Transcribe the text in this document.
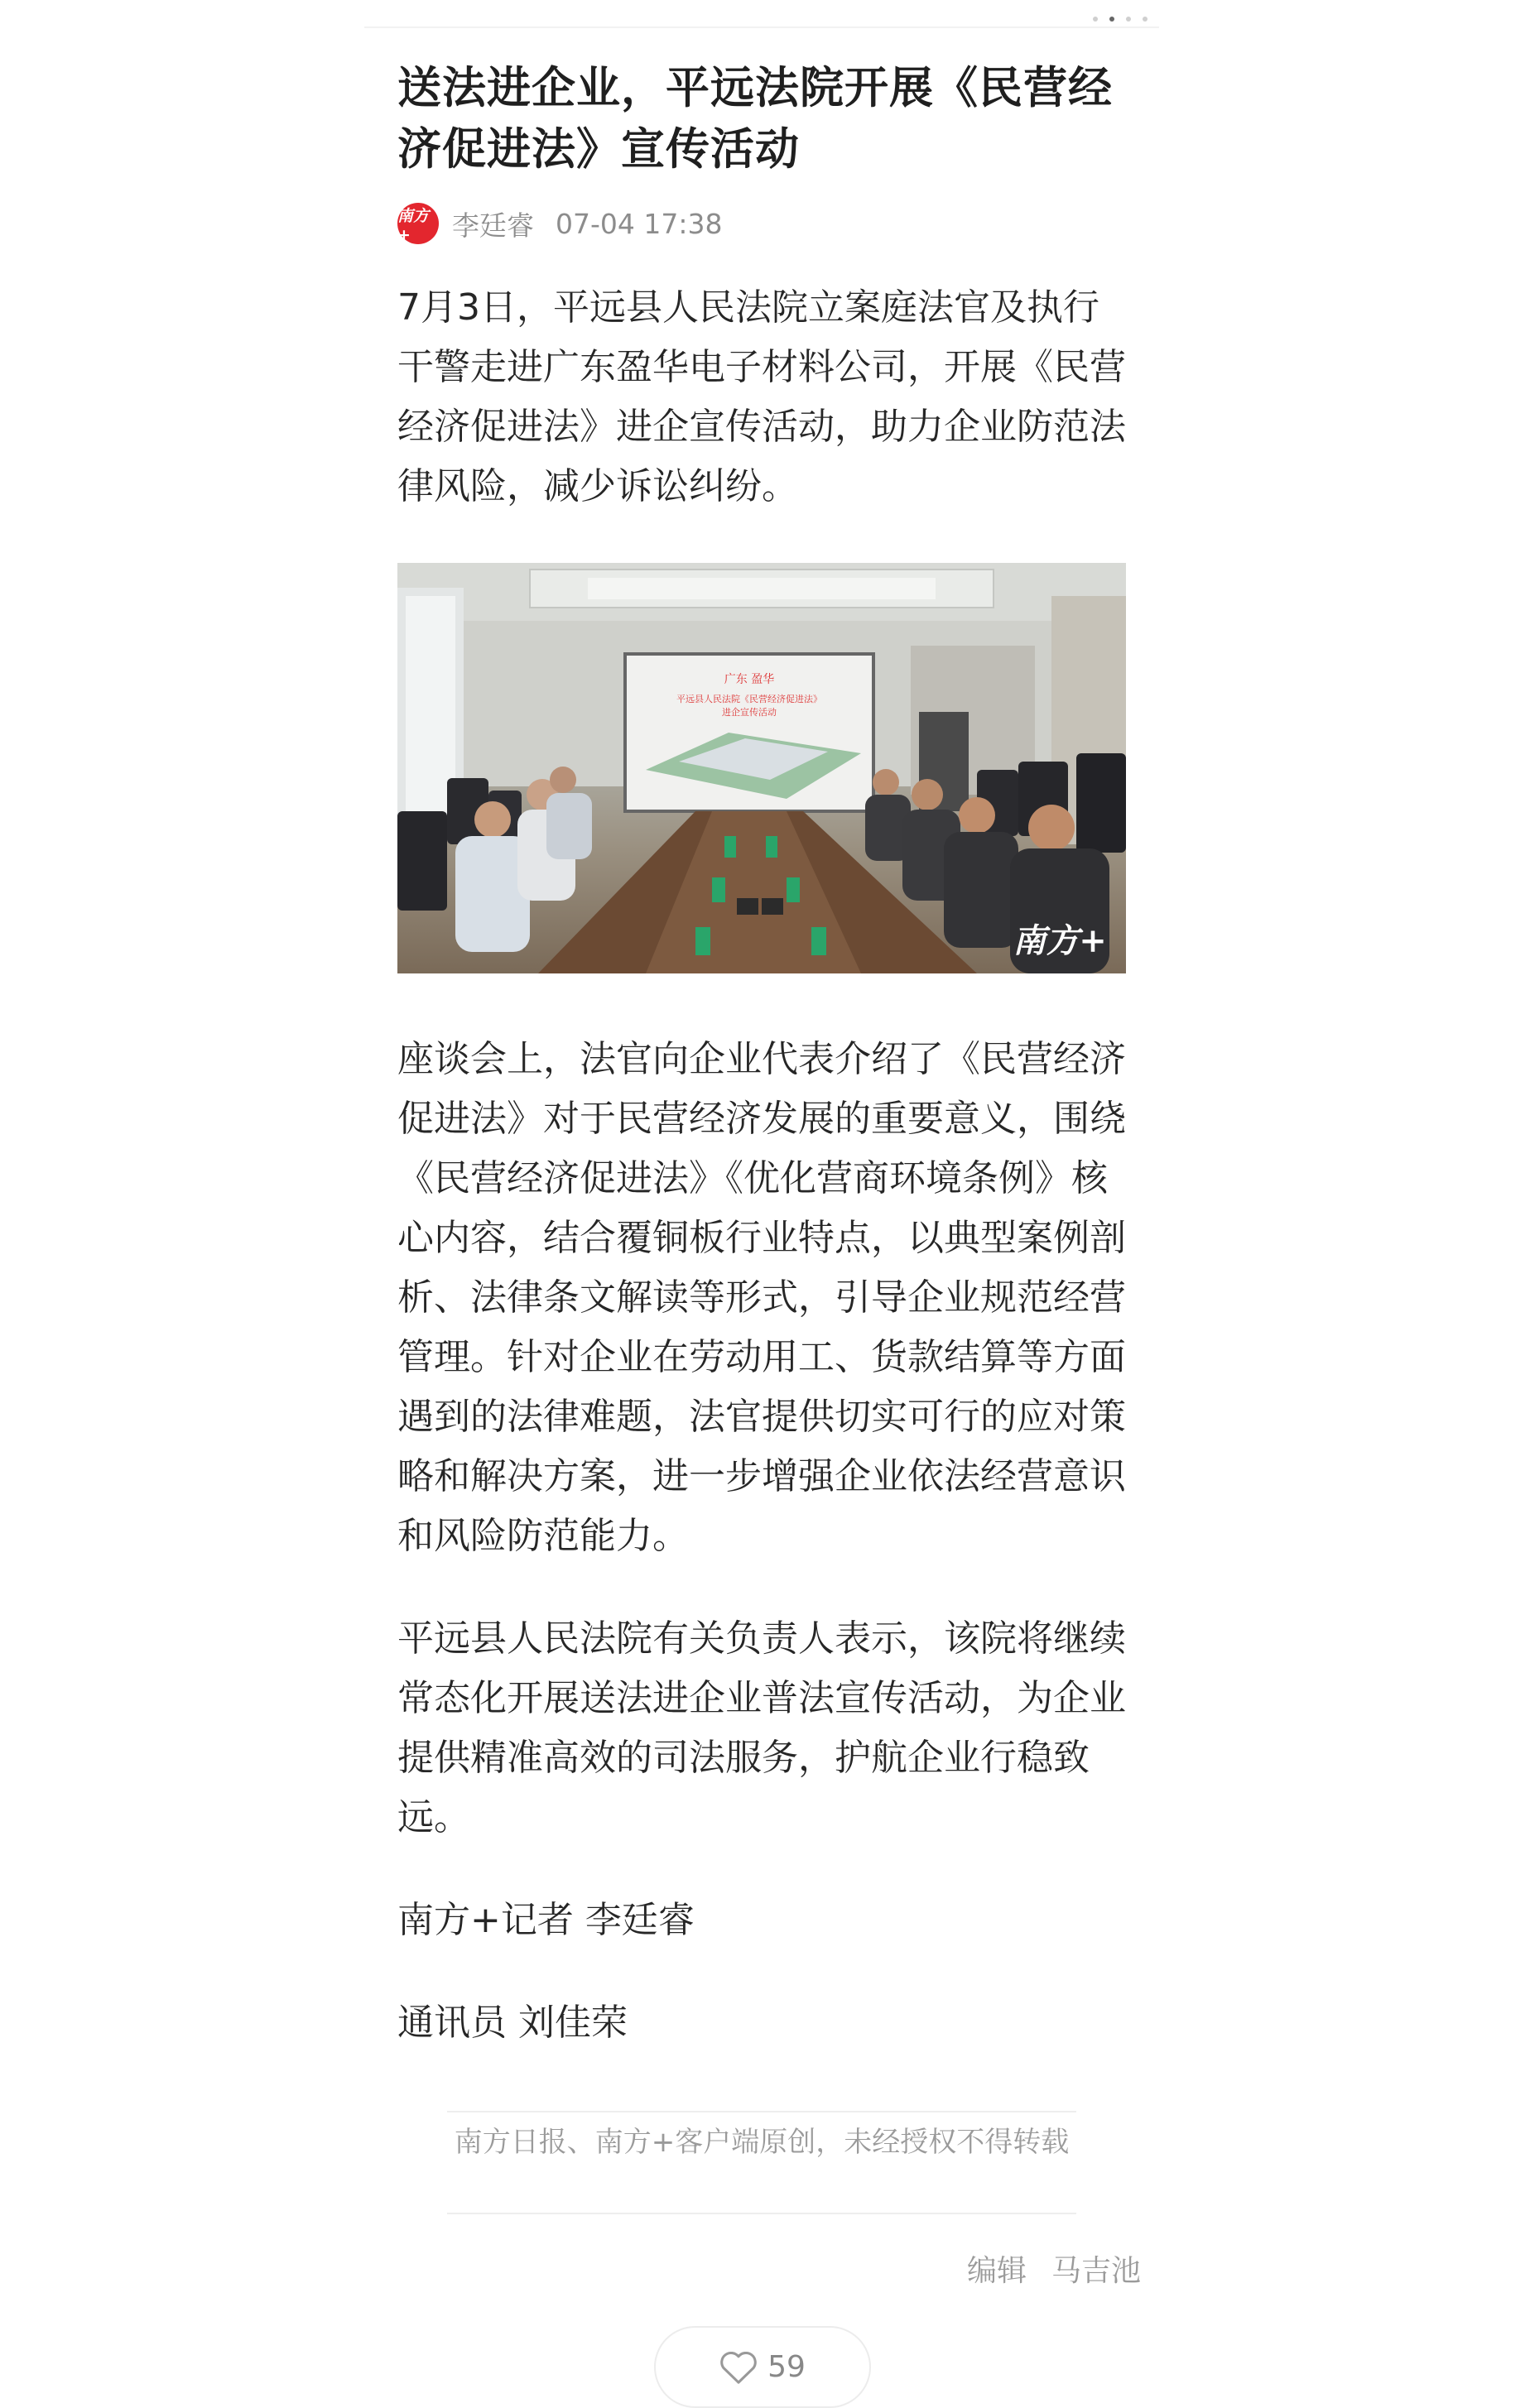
送法进企业，平远法院开展《民营经济促进法》宣传活动
南方+	李廷睿 07-04 17:38

7月3日，平远县人民法院立案庭法官及执行干警走进广东盈华电子材料公司，开展《民营经济促进法》进企宣传活动，助力企业防范法律风险，减少诉讼纠纷。

广东 盈华
平远县人民法院《民营经济促进法》
进企宣传活动
南方+

座谈会上，法官向企业代表介绍了《民营经济促进法》对于民营经济发展的重要意义，围绕《民营经济促进法》《优化营商环境条例》核心内容，结合覆铜板行业特点，以典型案例剖析、法律条文解读等形式，引导企业规范经营管理。针对企业在劳动用工、货款结算等方面遇到的法律难题，法官提供切实可行的应对策略和解决方案，进一步增强企业依法经营意识和风险防范能力。

平远县人民法院有关负责人表示，该院将继续常态化开展送法进企业普法宣传活动，为企业提供精准高效的司法服务，护航企业行稳致远。

南方+记者 李廷睿

通讯员 刘佳荣

南方日报、南方+客户端原创，未经授权不得转载
编辑 马吉池
59
